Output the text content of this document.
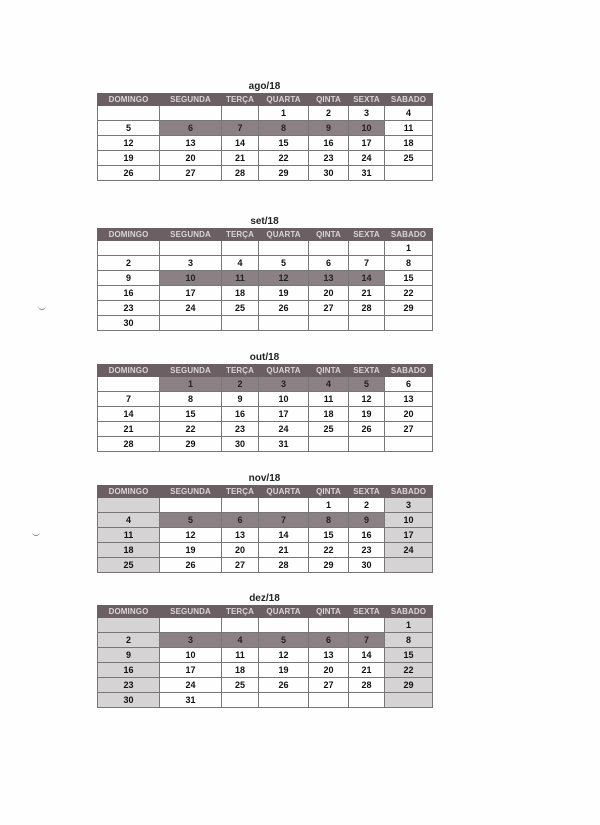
ago/18
DOMINGO	SEGUNDA	TERÇA	QUARTA	QINTA	SEXTA	SABADO
			1	2	3	4
5	6	7	8	9	10	11
12	13	14	15	16	17	18
19	20	21	22	23	24	25
26	27	28	29	30	31	
set/18
DOMINGO	SEGUNDA	TERÇA	QUARTA	QINTA	SEXTA	SABADO
						1
2	3	4	5	6	7	8
9	10	11	12	13	14	15
16	17	18	19	20	21	22
23	24	25	26	27	28	29
30						
out/18
DOMINGO	SEGUNDA	TERÇA	QUARTA	QINTA	SEXTA	SABADO
	1	2	3	4	5	6
7	8	9	10	11	12	13
14	15	16	17	18	19	20
21	22	23	24	25	26	27
28	29	30	31			
nov/18
DOMINGO	SEGUNDA	TERÇA	QUARTA	QINTA	SEXTA	SABADO
				1	2	3
4	5	6	7	8	9	10
11	12	13	14	15	16	17
18	19	20	21	22	23	24
25	26	27	28	29	30	
dez/18
DOMINGO	SEGUNDA	TERÇA	QUARTA	QINTA	SEXTA	SABADO
						1
2	3	4	5	6	7	8
9	10	11	12	13	14	15
16	17	18	19	20	21	22
23	24	25	26	27	28	29
30	31					
